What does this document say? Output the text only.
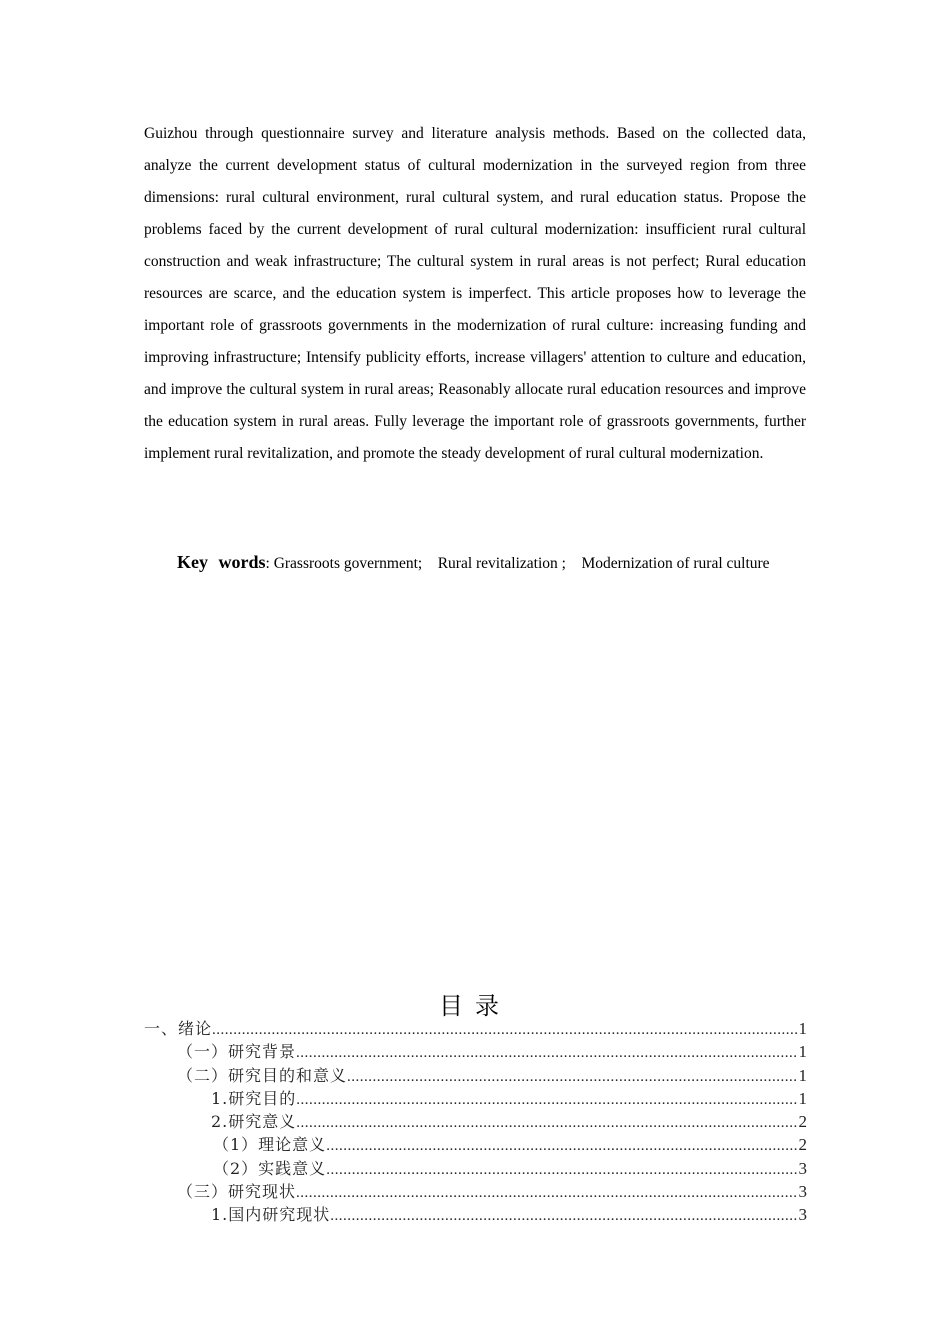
Guizhou through questionnaire survey and literature analysis methods. Based on the collected data, analyze the current development status of cultural modernization in the surveyed region from three dimensions: rural cultural environment, rural cultural system, and rural education status. Propose the problems faced by the current development of rural cultural modernization: insufficient rural cultural construction and weak infrastructure; The cultural system in rural areas is not perfect; Rural education resources are scarce, and the education system is imperfect. This article proposes how to leverage the important role of grassroots governments in the modernization of rural culture: increasing funding and improving infrastructure; Intensify publicity efforts, increase villagers' attention to culture and education, and improve the cultural system in rural areas; Reasonably allocate rural education resources and improve the education system in rural areas. Fully leverage the important role of grassroots governments, further implement rural revitalization, and promote the steady development of rural cultural modernization.
Key words: Grassroots government; Rural revitalization ; Modernization of rural culture
目录
一、绪论 .....	1
（一）研究背景 .....	1
（二）研究目的和意义 .....	1
1.研究目的 .....	1
2.研究意义 .....	2
（1）理论意义 .....	2
（2）实践意义 .....	3
（三）研究现状 .....	3
1.国内研究现状 .....	3
